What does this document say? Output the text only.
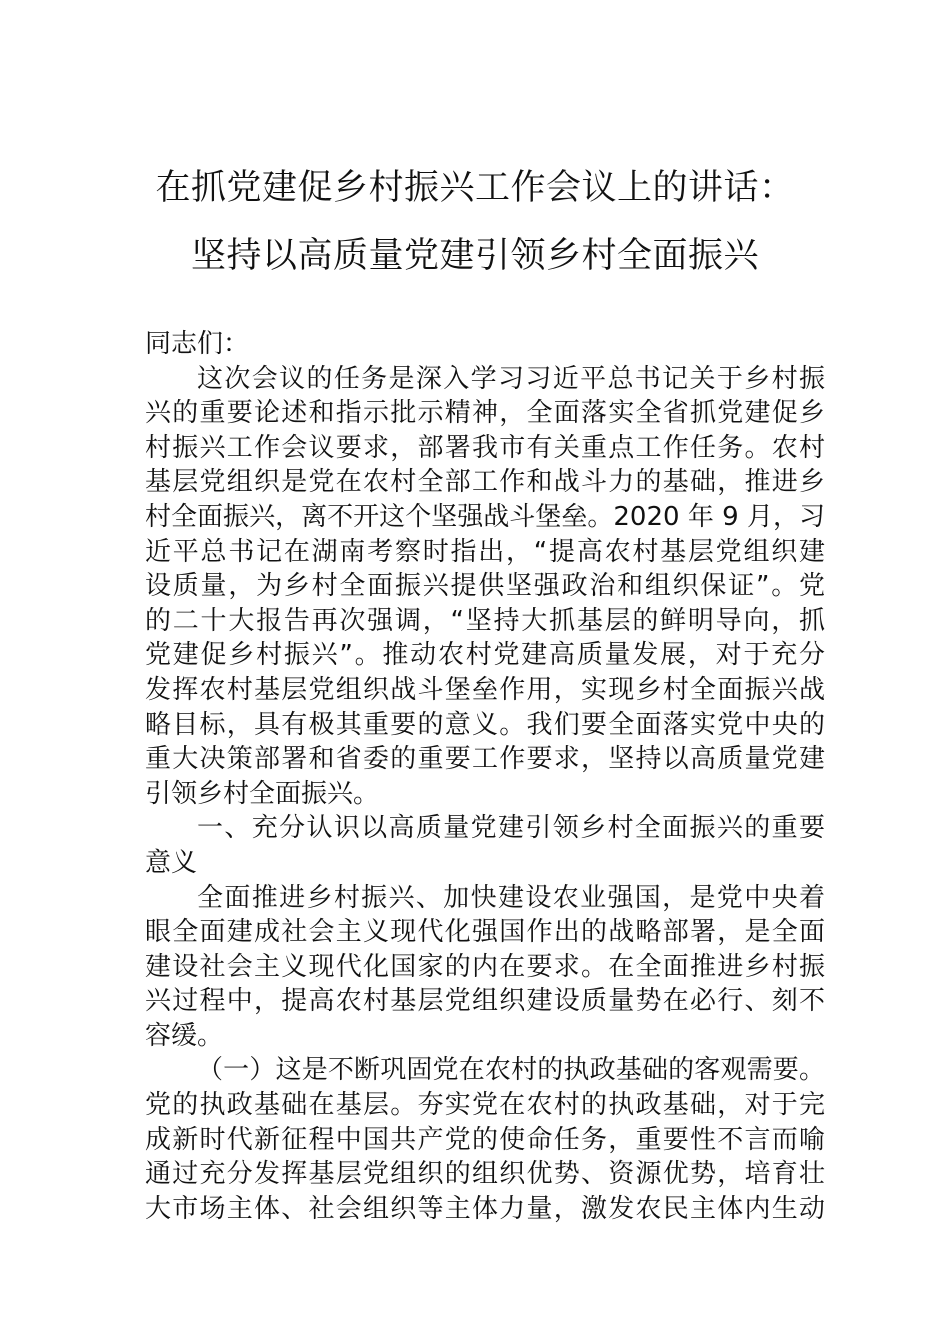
在抓党建促乡村振兴工作会议上的讲话：
坚持以高质量党建引领乡村全面振兴
同志们：
这次会议的任务是深入学习习近平总书记关于乡村振
兴的重要论述和指示批示精神，全面落实全省抓党建促乡
村振兴工作会议要求，部署我市有关重点工作任务。农村
基层党组织是党在农村全部工作和战斗力的基础，推进乡
村全面振兴，离不开这个坚强战斗堡垒。2020 年 9 月，习
近平总书记在湖南考察时指出，“提高农村基层党组织建
设质量，为乡村全面振兴提供坚强政治和组织保证”。党
的二十大报告再次强调，“坚持大抓基层的鲜明导向，抓
党建促乡村振兴”。推动农村党建高质量发展，对于充分
发挥农村基层党组织战斗堡垒作用，实现乡村全面振兴战
略目标，具有极其重要的意义。我们要全面落实党中央的
重大决策部署和省委的重要工作要求，坚持以高质量党建
引领乡村全面振兴。
一、充分认识以高质量党建引领乡村全面振兴的重要
意义
全面推进乡村振兴、加快建设农业强国，是党中央着
眼全面建成社会主义现代化强国作出的战略部署，是全面
建设社会主义现代化国家的内在要求。在全面推进乡村振
兴过程中，提高农村基层党组织建设质量势在必行、刻不
容缓。
（一）这是不断巩固党在农村的执政基础的客观需要。
党的执政基础在基层。夯实党在农村的执政基础，对于完
成新时代新征程中国共产党的使命任务，重要性不言而喻
通过充分发挥基层党组织的组织优势、资源优势，培育壮
大市场主体、社会组织等主体力量，激发农民主体内生动
